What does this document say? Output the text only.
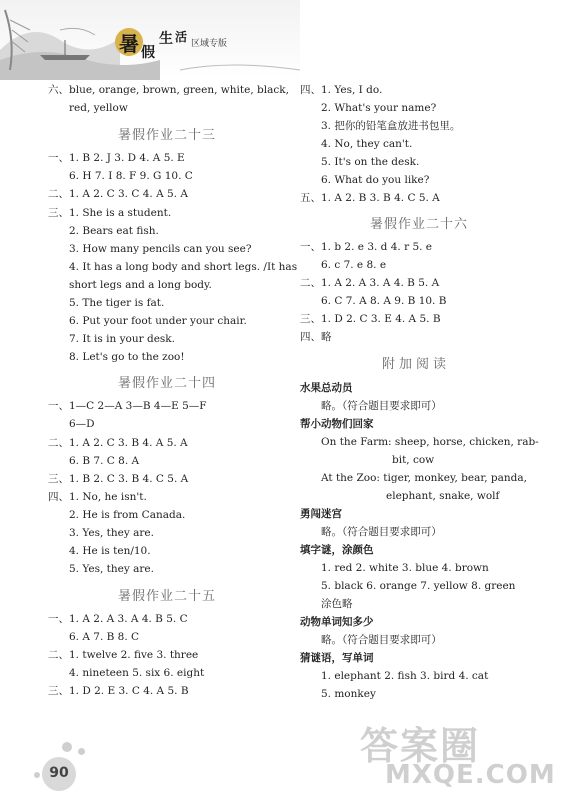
暑 假
生 活 区域专版
六、blue, orange, brown, green, white, black,
red, yellow
暑假作业二十三
一、1. B 2. J 3. D 4. A 5. E
6. H 7. I 8. F 9. G 10. C
二、1. A 2. C 3. C 4. A 5. A
三、1. She is a student.
2. Bears eat fish.
3. How many pencils can you see?
4. It has a long body and short legs. /It has
short legs and a long body.
5. The tiger is fat.
6. Put your foot under your chair.
7. It is in your desk.
8. Let's go to the zoo!
暑假作业二十四
一、1—C 2—A 3—B 4—E 5—F
6—D
二、1. A 2. C 3. B 4. A 5. A
6. B 7. C 8. A
三、1. B 2. C 3. B 4. C 5. A
四、1. No, he isn't.
2. He is from Canada.
3. Yes, they are.
4. He is ten/10.
5. Yes, they are.
暑假作业二十五
一、1. A 2. A 3. A 4. B 5. C
6. A 7. B 8. C
二、1. twelve 2. five 3. three
4. nineteen 5. six 6. eight
三、1. D 2. E 3. C 4. A 5. B
四、1. Yes, I do.
2. What's your name?
3. 把你的铅笔盒放进书包里。
4. No, they can't.
5. It's on the desk.
6. What do you like?
五、1. A 2. B 3. B 4. C 5. A
暑假作业二十六
一、1. b 2. e 3. d 4. r 5. e
6. c 7. e 8. e
二、1. A 2. A 3. A 4. B 5. A
6. C 7. A 8. A 9. B 10. B
三、1. D 2. C 3. E 4. A 5. B
四、略
附加阅读
水果总动员
略。（符合题目要求即可）
帮小动物们回家
On the Farm: sheep, horse, chicken, rab-
bit, cow
At the Zoo: tiger, monkey, bear, panda,
elephant, snake, wolf
勇闯迷宫
略。（符合题目要求即可）
填字谜，涂颜色
1. red 2. white 3. blue 4. brown
5. black 6. orange 7. yellow 8. green
涂色略
动物单词知多少
略。（符合题目要求即可）
猜谜语，写单词
1. elephant 2. fish 3. bird 4. cat
5. monkey
90
答案圈
MXQE.COM
